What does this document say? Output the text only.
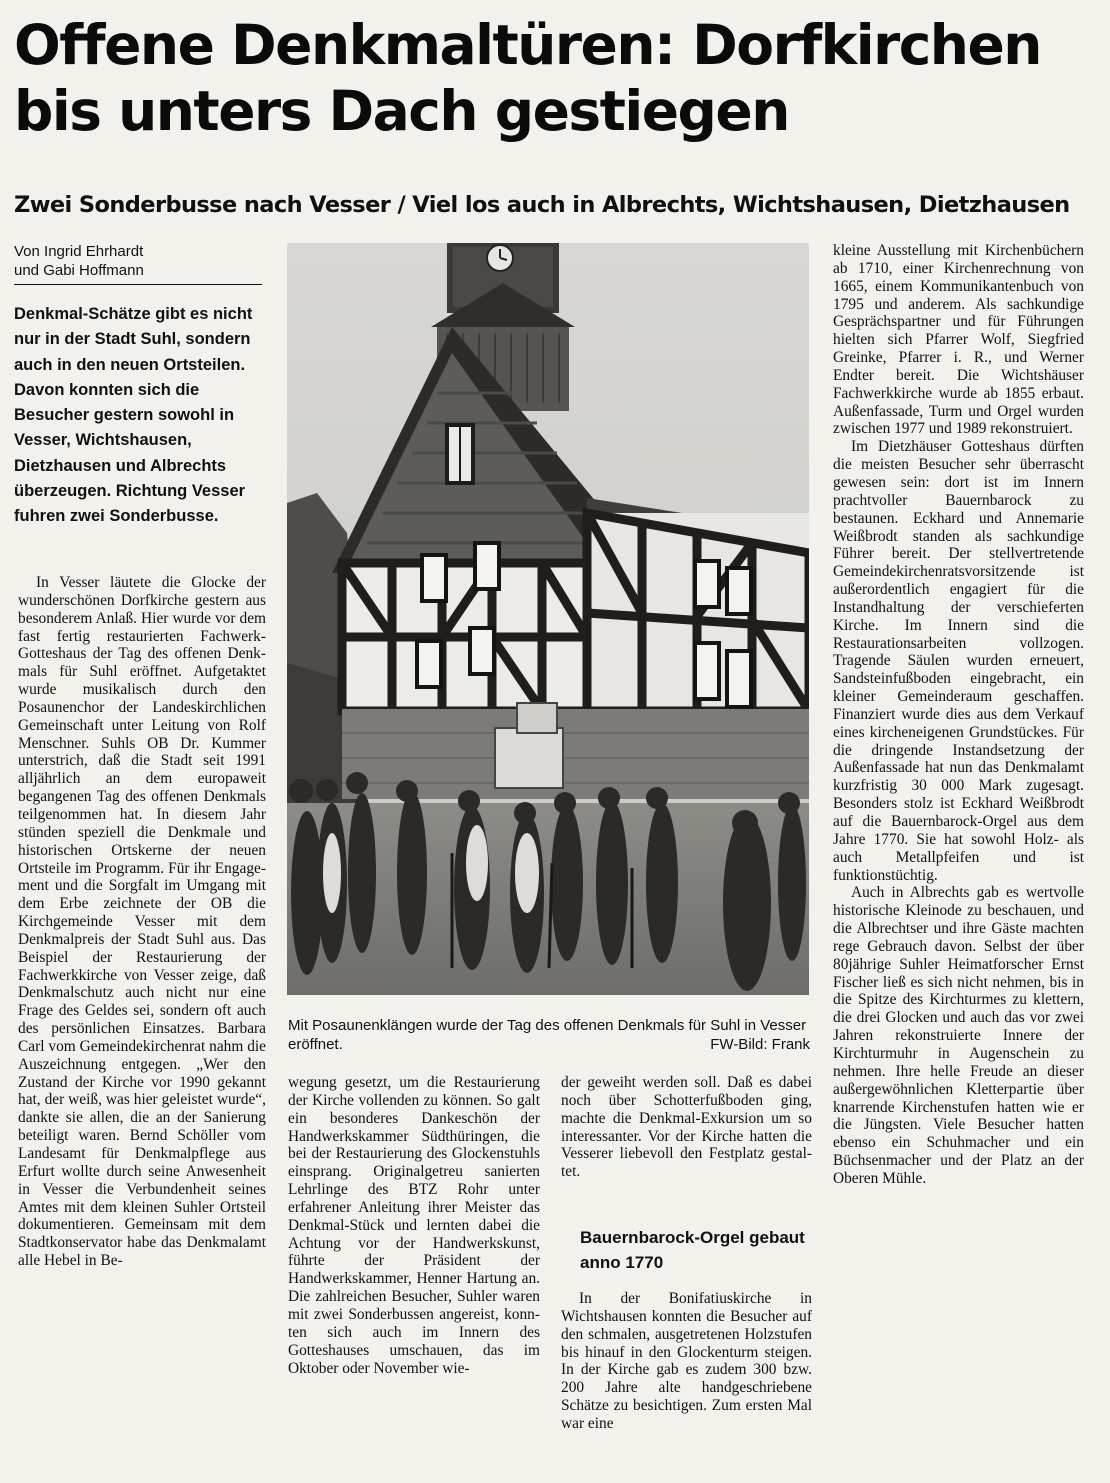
Offene Denkmaltüren: Dorfkirchen
bis unters Dach gestiegen
Zwei Sonderbusse nach Vesser / Viel los auch in Albrechts, Wichtshausen, Dietzhausen
Von Ingrid Ehrhardt
und Gabi Hoffmann
Denkmal-Schätze gibt es nicht nur in der Stadt Suhl, sondern auch in den neuen Ortsteilen. Davon konnten sich die Besucher gestern sowohl in Vesser, Wichtshausen, Dietzhausen und Albrechts überzeugen. Richtung Vesser fuhren zwei Sonderbusse.

In Vesser läutete die Glocke der wunderschönen Dorfkirche gestern aus besonderem Anlaß. Hier wurde vor dem fast fertig restaurierten Fachwerk-Gotteshaus der Tag des offenen Denkmals für Suhl eröffnet. Aufgetaktet wurde musikalisch durch den Posaunenchor der Landeskirchlichen Gemeinschaft unter Leitung von Rolf Menschner. Suhls OB Dr. Kummer unterstrich, daß die Stadt seit 1991 alljährlich an dem europaweit begangenen Tag des offenen Denkmals teilgenommen hat. In diesem Jahr stünden speziell die Denkmale und historischen Ortskerne der neuen Ortsteile im Programm. Für ihr Engagement und die Sorgfalt im Umgang mit dem Erbe zeichnete der OB die Kirchgemeinde Vesser mit dem Denkmalpreis der Stadt Suhl aus. Das Beispiel der Restaurierung der Fachwerkkirche von Vesser zeige, daß Denkmalschutz auch nicht nur eine Frage des Geldes sei, sondern oft auch des persönlichen Einsatzes. Barbara Carl vom Gemeindekirchenrat nahm die Auszeichnung entgegen. „Wer den Zustand der Kirche vor 1990 gekannt hat, der weiß, was hier geleistet wurde“, dankte sie allen, die an der Sanierung beteiligt waren. Bernd Schöller vom Landesamt für Denkmalpflege aus Erfurt wollte durch seine Anwesenheit in Vesser die Verbundenheit seines Amtes mit dem kleinen Suhler Ortsteil dokumentieren. Gemeinsam mit dem Stadtkonservator habe das Denkmalamt alle Hebel in Be-

Mit Posaunenklängen wurde der Tag des offenen Denkmals für Suhl in Vesser eröffnet.	FW-Bild: Frank

wegung gesetzt, um die Restaurierung der Kirche vollenden zu können. So galt ein besonderes Dankeschön der Handwerkskammer Südthüringen, die bei der Restaurierung des Glockenstuhls einsprang. Originalgetreu sanierten Lehrlinge des BTZ Rohr unter erfahrener Anleitung ihrer Meister das Denkmal-Stück und lernten dabei die Achtung vor der Handwerkskunst, führte der Präsident der Handwerkskammer, Henner Hartung an. Die zahlreichen Besucher, Suhler waren mit zwei Sonderbussen angereist, konnten sich auch im Innern des Gotteshauses umschauen, das im Oktober oder November wie-

der geweiht werden soll. Daß es dabei noch über Schotterfußboden ging, machte die Denkmal-Exkursion um so interessanter. Vor der Kirche hatten die Vesserer liebevoll den Festplatz gestaltet.

Bauernbarock-Orgel gebaut anno 1770

In der Bonifatiuskirche in Wichtshausen konnten die Besucher auf den schmalen, ausgetretenen Holzstufen bis hinauf in den Glockenturm steigen. In der Kirche gab es zudem 300 bzw. 200 Jahre alte handgeschriebene Schätze zu besichtigen. Zum ersten Mal war eine

kleine Ausstellung mit Kirchenbüchern ab 1710, einer Kirchenrechnung von 1665, einem Kommunikantenbuch von 1795 und anderem. Als sachkundige Gesprächspartner und für Führungen hielten sich Pfarrer Wolf, Siegfried Greinke, Pfarrer i. R., und Werner Endter bereit. Die Wichtshäuser Fachwerkkirche wurde ab 1855 erbaut. Außenfassade, Turm und Orgel wurden zwischen 1977 und 1989 rekonstruiert.

Im Dietzhäuser Gotteshaus dürften die meisten Besucher sehr überrascht gewesen sein: dort ist im Innern prachtvoller Bauernbarock zu bestaunen. Eckhard und Annemarie Weißbrodt standen als sachkundige Führer bereit. Der stellvertretende Gemeindekirchenratsvorsitzende ist außerordentlich engagiert für die Instandhaltung der verschieferten Kirche. Im Innern sind die Restaurationsarbeiten vollzogen. Tragende Säulen wurden erneuert, Sandsteinfußboden eingebracht, ein kleiner Gemeinderaum geschaffen. Finanziert wurde dies aus dem Verkauf eines kircheneigenen Grundstückes. Für die dringende Instandsetzung der Außenfassade hat nun das Denkmalamt kurzfristig 30 000 Mark zugesagt. Besonders stolz ist Eckhard Weißbrodt auf die Bauernbarock-Orgel aus dem Jahre 1770. Sie hat sowohl Holz- als auch Metallpfeifen und ist funktionstüchtig.

Auch in Albrechts gab es wertvolle historische Kleinode zu beschauen, und die Albrechtser und ihre Gäste machten rege Gebrauch davon. Selbst der über 80jährige Suhler Heimatforscher Ernst Fischer ließ es sich nicht nehmen, bis in die Spitze des Kirchturmes zu klettern, die drei Glocken und auch das vor zwei Jahren rekonstruierte Innere der Kirchturmuhr in Augenschein zu nehmen. Ihre helle Freude an dieser außergewöhnlichen Kletterpartie über knarrende Kirchenstufen hatten wie er die Jüngsten. Viele Besucher hatten ebenso ein Schuhmacher und ein Büchsenmacher und der Platz an der Oberen Mühle.
